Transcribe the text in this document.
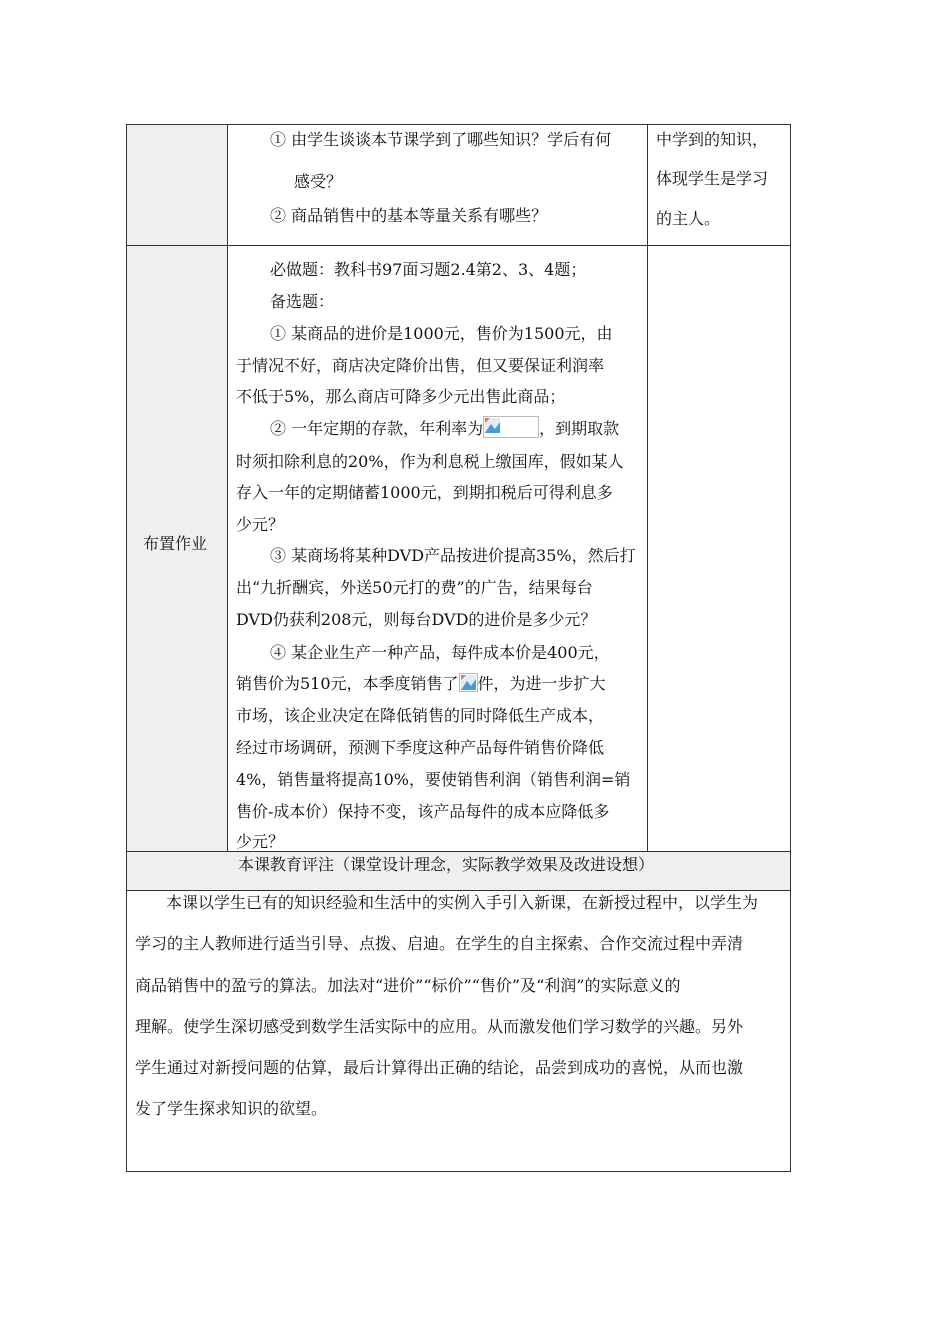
① 由学生谈谈本节课学到了哪些知识？学后有何
感受？
② 商品销售中的基本等量关系有哪些？
中学到的知识，
体现学生是学习
的主人。
布置作业
必做题：教科书97面习题2.4第2、3、4题；
备选题：
① 某商品的进价是1000元，售价为1500元，由
于情况不好，商店决定降价出售，但又要保证利润率
不低于5%，那么商店可降多少元出售此商品；
② 一年定期的存款，年利率为	，到期取款
时须扣除利息的20%，作为利息税上缴国库，假如某人
存入一年的定期储蓄1000元，到期扣税后可得利息多
少元？
③ 某商场将某种DVD产品按进价提高35%，然后打
出“九折酬宾，外送50元打的费”的广告，结果每台
DVD仍获利208元，则每台DVD的进价是多少元？
④ 某企业生产一种产品，每件成本价是400元，
销售价为510元，本季度销售了 件，为进一步扩大
市场，该企业决定在降低销售的同时降低生产成本，
经过市场调研，预测下季度这种产品每件销售价降低
4%，销售量将提高10%，要使销售利润（销售利润=销
售价-成本价）保持不变，该产品每件的成本应降低多
少元？
本课教育评注（课堂设计理念，实际教学效果及改进设想）
本课以学生已有的知识经验和生活中的实例入手引入新课，在新授过程中，以学生为
学习的主人教师进行适当引导、点拨、启迪。在学生的自主探索、合作交流过程中弄清
商品销售中的盈亏的算法。加法对“进价”“标价”“售价”及“利润”的实际意义的
理解。使学生深切感受到数学生活实际中的应用。从而激发他们学习数学的兴趣。另外
学生通过对新授问题的估算，最后计算得出正确的结论，品尝到成功的喜悦，从而也激
发了学生探求知识的欲望。
